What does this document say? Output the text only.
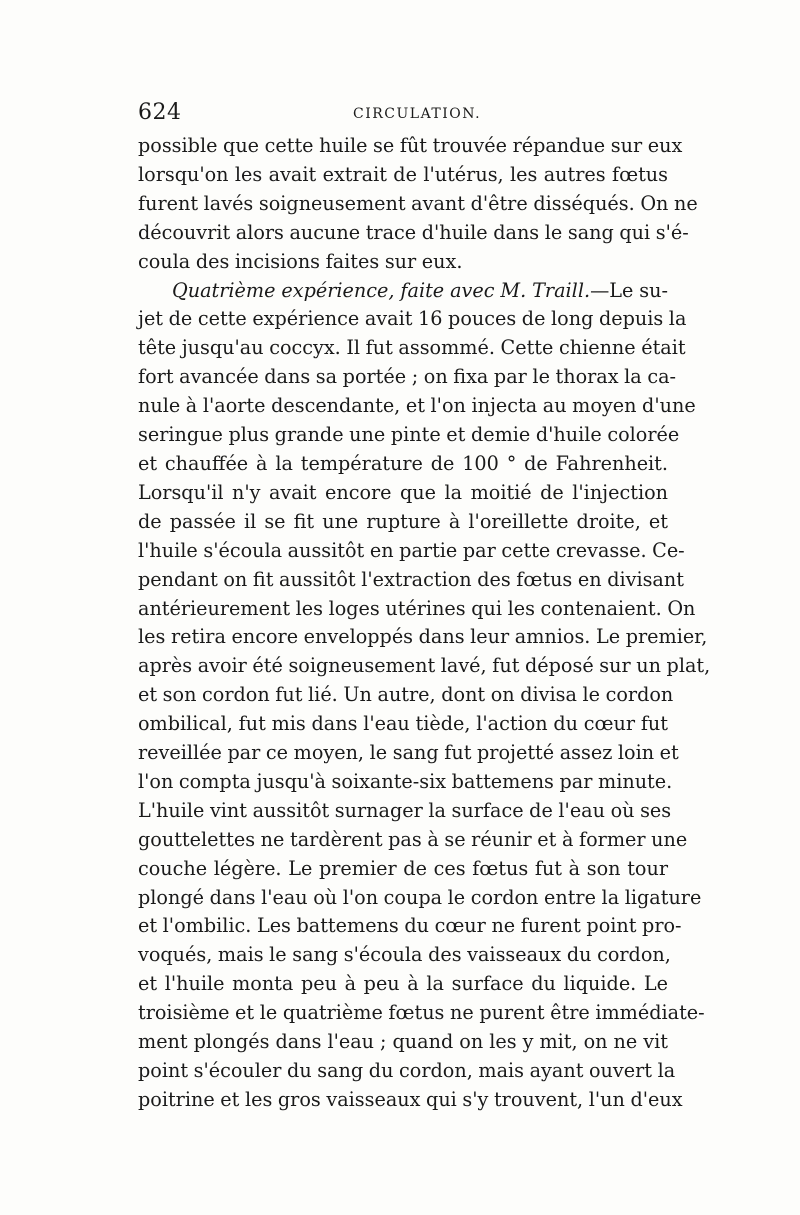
624	CIRCULATION.
possible que cette huile se fût trouvée répandue sur eux
lorsqu'on les avait extrait de l'utérus, les autres fœtus
furent lavés soigneusement avant d'être disséqués. On ne
découvrit alors aucune trace d'huile dans le sang qui s'é-
coula des incisions faites sur eux.
Quatrième expérience, faite avec M. Traill.—Le su-
jet de cette expérience avait 16 pouces de long depuis la
tête jusqu'au coccyx. Il fut assommé. Cette chienne était
fort avancée dans sa portée ; on fixa par le thorax la ca-
nule à l'aorte descendante, et l'on injecta au moyen d'une
seringue plus grande une pinte et demie d'huile colorée
et chauffée à la température de 100 ° de Fahrenheit.
Lorsqu'il n'y avait encore que la moitié de l'injection
de passée il se fit une rupture à l'oreillette droite, et
l'huile s'écoula aussitôt en partie par cette crevasse. Ce-
pendant on fit aussitôt l'extraction des fœtus en divisant
antérieurement les loges utérines qui les contenaient. On
les retira encore enveloppés dans leur amnios. Le premier,
après avoir été soigneusement lavé, fut déposé sur un plat,
et son cordon fut lié. Un autre, dont on divisa le cordon
ombilical, fut mis dans l'eau tiède, l'action du cœur fut
reveillée par ce moyen, le sang fut projetté assez loin et
l'on compta jusqu'à soixante-six battemens par minute.
L'huile vint aussitôt surnager la surface de l'eau où ses
gouttelettes ne tardèrent pas à se réunir et à former une
couche légère. Le premier de ces fœtus fut à son tour
plongé dans l'eau où l'on coupa le cordon entre la ligature
et l'ombilic. Les battemens du cœur ne furent point pro-
voqués, mais le sang s'écoula des vaisseaux du cordon,
et l'huile monta peu à peu à la surface du liquide. Le
troisième et le quatrième fœtus ne purent être immédiate-
ment plongés dans l'eau ; quand on les y mit, on ne vit
point s'écouler du sang du cordon, mais ayant ouvert la
poitrine et les gros vaisseaux qui s'y trouvent, l'un d'eux
